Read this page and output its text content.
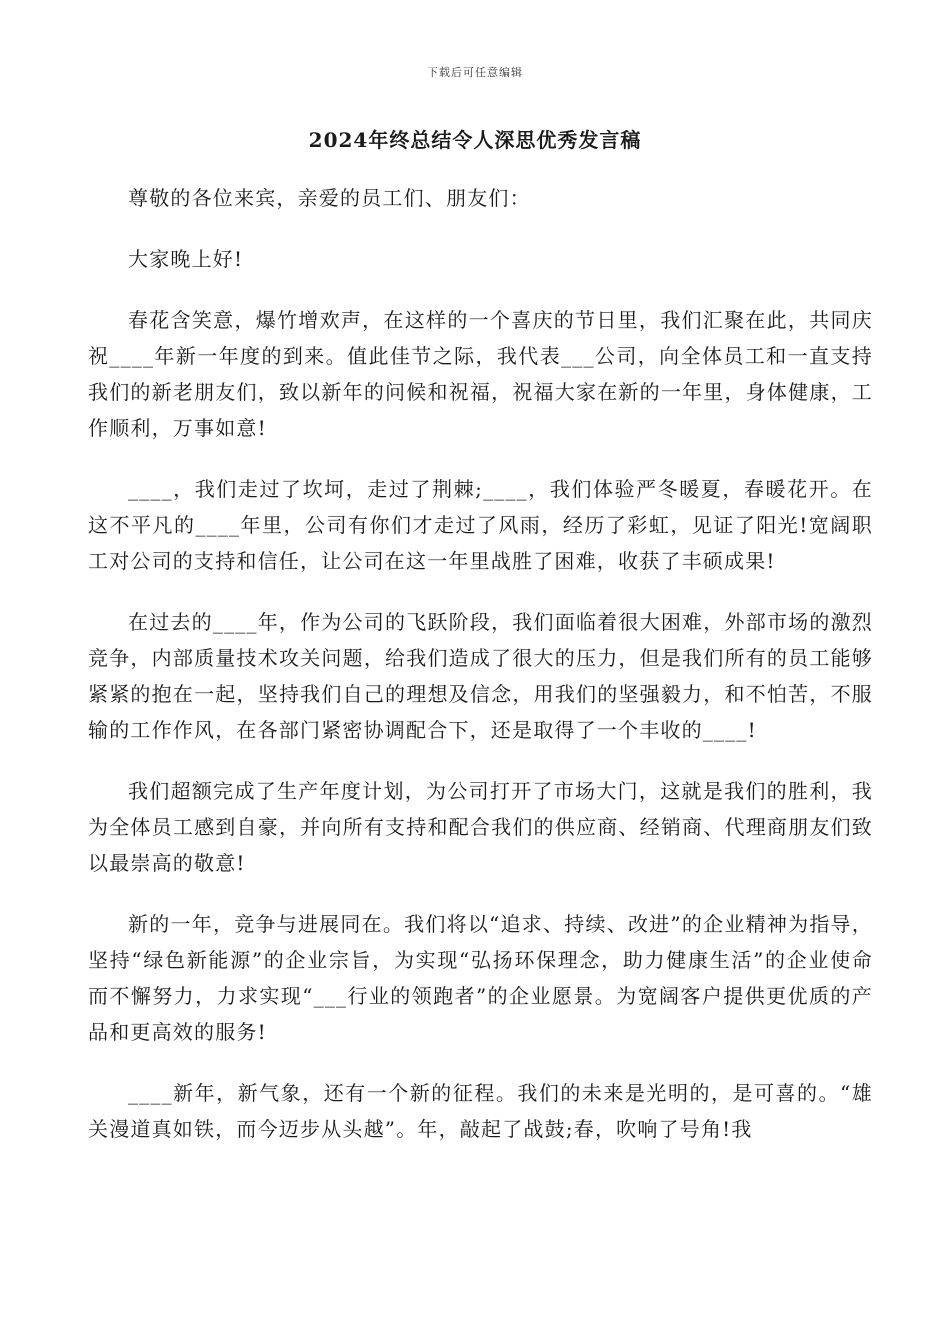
下载后可任意编辑
2024年终总结令人深思优秀发言稿

尊敬的各位来宾，亲爱的员工们、朋友们：

大家晚上好!

春花含笑意，爆竹增欢声，在这样的一个喜庆的节日里，我们汇聚在此，共同庆祝____年新一年度的到来。值此佳节之际，我代表___公司，向全体员工和一直支持我们的新老朋友们，致以新年的问候和祝福，祝福大家在新的一年里，身体健康，工作顺利，万事如意!

____，我们走过了坎坷，走过了荆棘;____，我们体验严冬暖夏，春暖花开。在这不平凡的____年里，公司有你们才走过了风雨，经历了彩虹，见证了阳光!宽阔职工对公司的支持和信任，让公司在这一年里战胜了困难，收获了丰硕成果!

在过去的____年，作为公司的飞跃阶段，我们面临着很大困难，外部市场的激烈竞争，内部质量技术攻关问题，给我们造成了很大的压力，但是我们所有的员工能够紧紧的抱在一起，坚持我们自己的理想及信念，用我们的坚强毅力，和不怕苦，不服输的工作作风，在各部门紧密协调配合下，还是取得了一个丰收的____!

我们超额完成了生产年度计划，为公司打开了市场大门，这就是我们的胜利，我为全体员工感到自豪，并向所有支持和配合我们的供应商、经销商、代理商朋友们致以最崇高的敬意!

新的一年，竞争与进展同在。我们将以“追求、持续、改进”的企业精神为指导，坚持“绿色新能源”的企业宗旨，为实现“弘扬环保理念，助力健康生活”的企业使命而不懈努力，力求实现“___行业的领跑者”的企业愿景。为宽阔客户提供更优质的产品和更高效的服务!

____新年，新气象，还有一个新的征程。我们的未来是光明的，是可喜的。“雄关漫道真如铁，而今迈步从头越”。年，敲起了战鼓;春，吹响了号角!我
